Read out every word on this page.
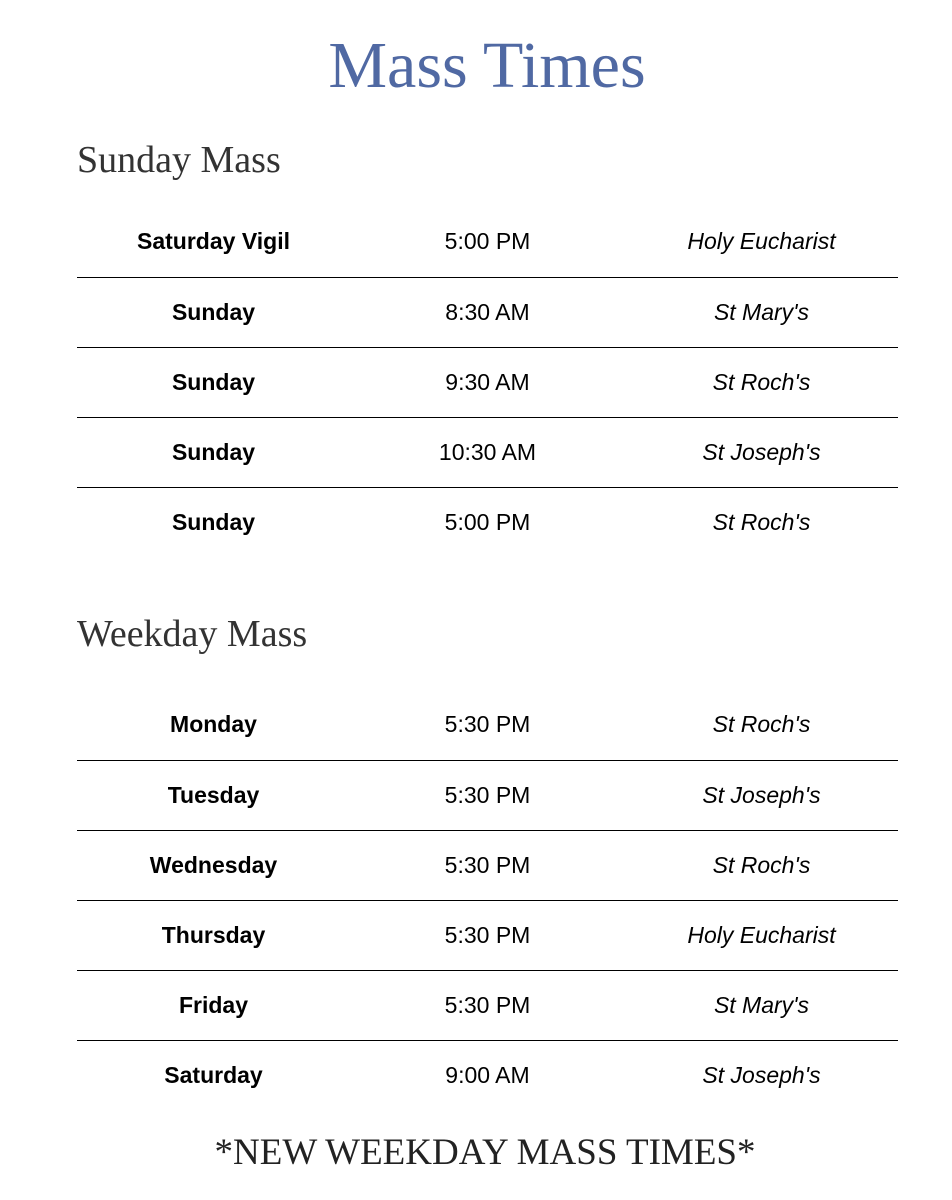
Mass Times
Sunday Mass
Saturday Vigil	5:00 PM	Holy Eucharist
Sunday	8:30 AM	St Mary's
Sunday	9:30 AM	St Roch's
Sunday	10:30 AM	St Joseph's
Sunday	5:00 PM	St Roch's
Weekday Mass
Monday	5:30 PM	St Roch's
Tuesday	5:30 PM	St Joseph's
Wednesday	5:30 PM	St Roch's
Thursday	5:30 PM	Holy Eucharist
Friday	5:30 PM	St Mary's
Saturday	9:00 AM	St Joseph's

*NEW WEEKDAY MASS TIMES*
